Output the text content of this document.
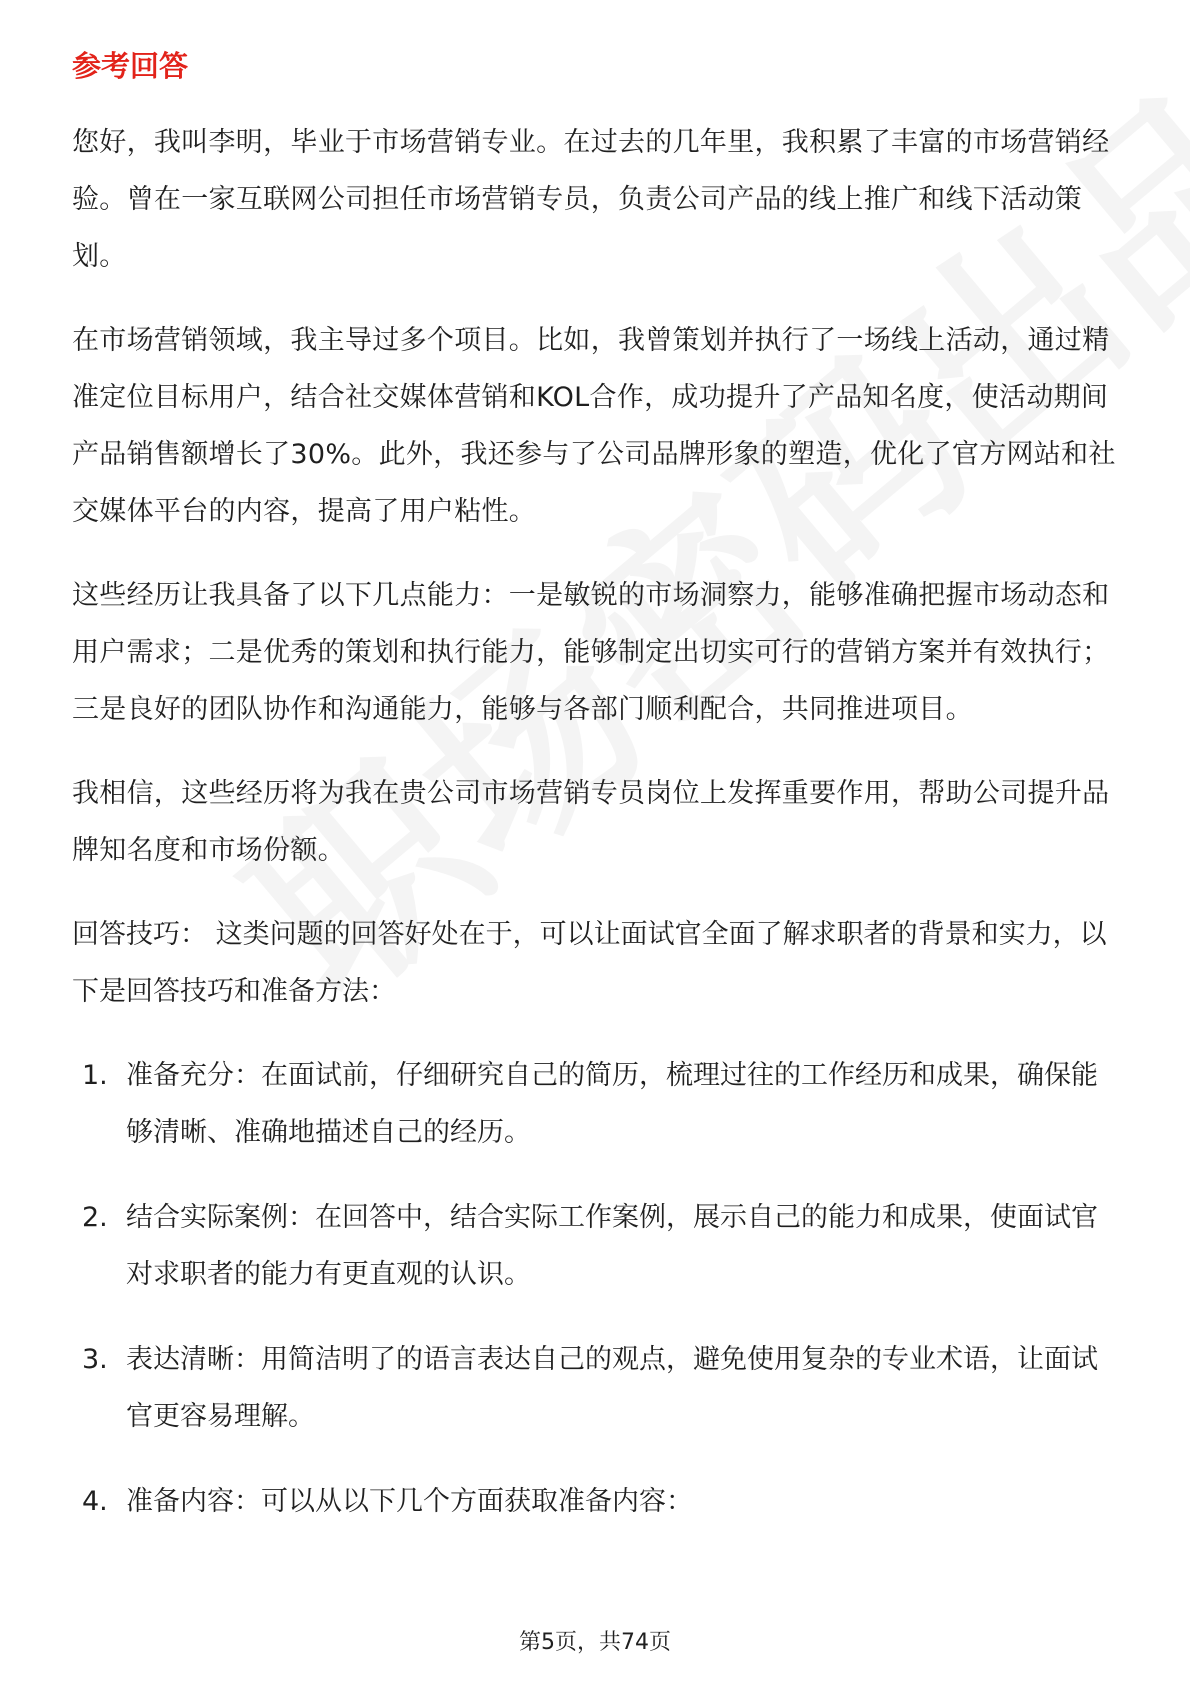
参考回答

您好，我叫李明，毕业于市场营销专业。在过去的几年里，我积累了丰富的市场营销经验。曾在一家互联网公司担任市场营销专员，负责公司产品的线上推广和线下活动策划。

在市场营销领域，我主导过多个项目。比如，我曾策划并执行了一场线上活动，通过精准定位目标用户，结合社交媒体营销和KOL合作，成功提升了产品知名度，使活动期间产品销售额增长了30%。此外，我还参与了公司品牌形象的塑造，优化了官方网站和社交媒体平台的内容，提高了用户粘性。

这些经历让我具备了以下几点能力：一是敏锐的市场洞察力，能够准确把握市场动态和用户需求；二是优秀的策划和执行能力，能够制定出切实可行的营销方案并有效执行；三是良好的团队协作和沟通能力，能够与各部门顺利配合，共同推进项目。

我相信，这些经历将为我在贵公司市场营销专员岗位上发挥重要作用，帮助公司提升品牌知名度和市场份额。

回答技巧： 这类问题的回答好处在于，可以让面试官全面了解求职者的背景和实力，以下是回答技巧和准备方法：

1. 准备充分：在面试前，仔细研究自己的简历，梳理过往的工作经历和成果，确保能够清晰、准确地描述自己的经历。
2. 结合实际案例：在回答中，结合实际工作案例，展示自己的能力和成果，使面试官对求职者的能力有更直观的认识。
3. 表达清晰：用简洁明了的语言表达自己的观点，避免使用复杂的专业术语，让面试官更容易理解。
4. 准备内容：可以从以下几个方面获取准备内容：
第5页，共74页
